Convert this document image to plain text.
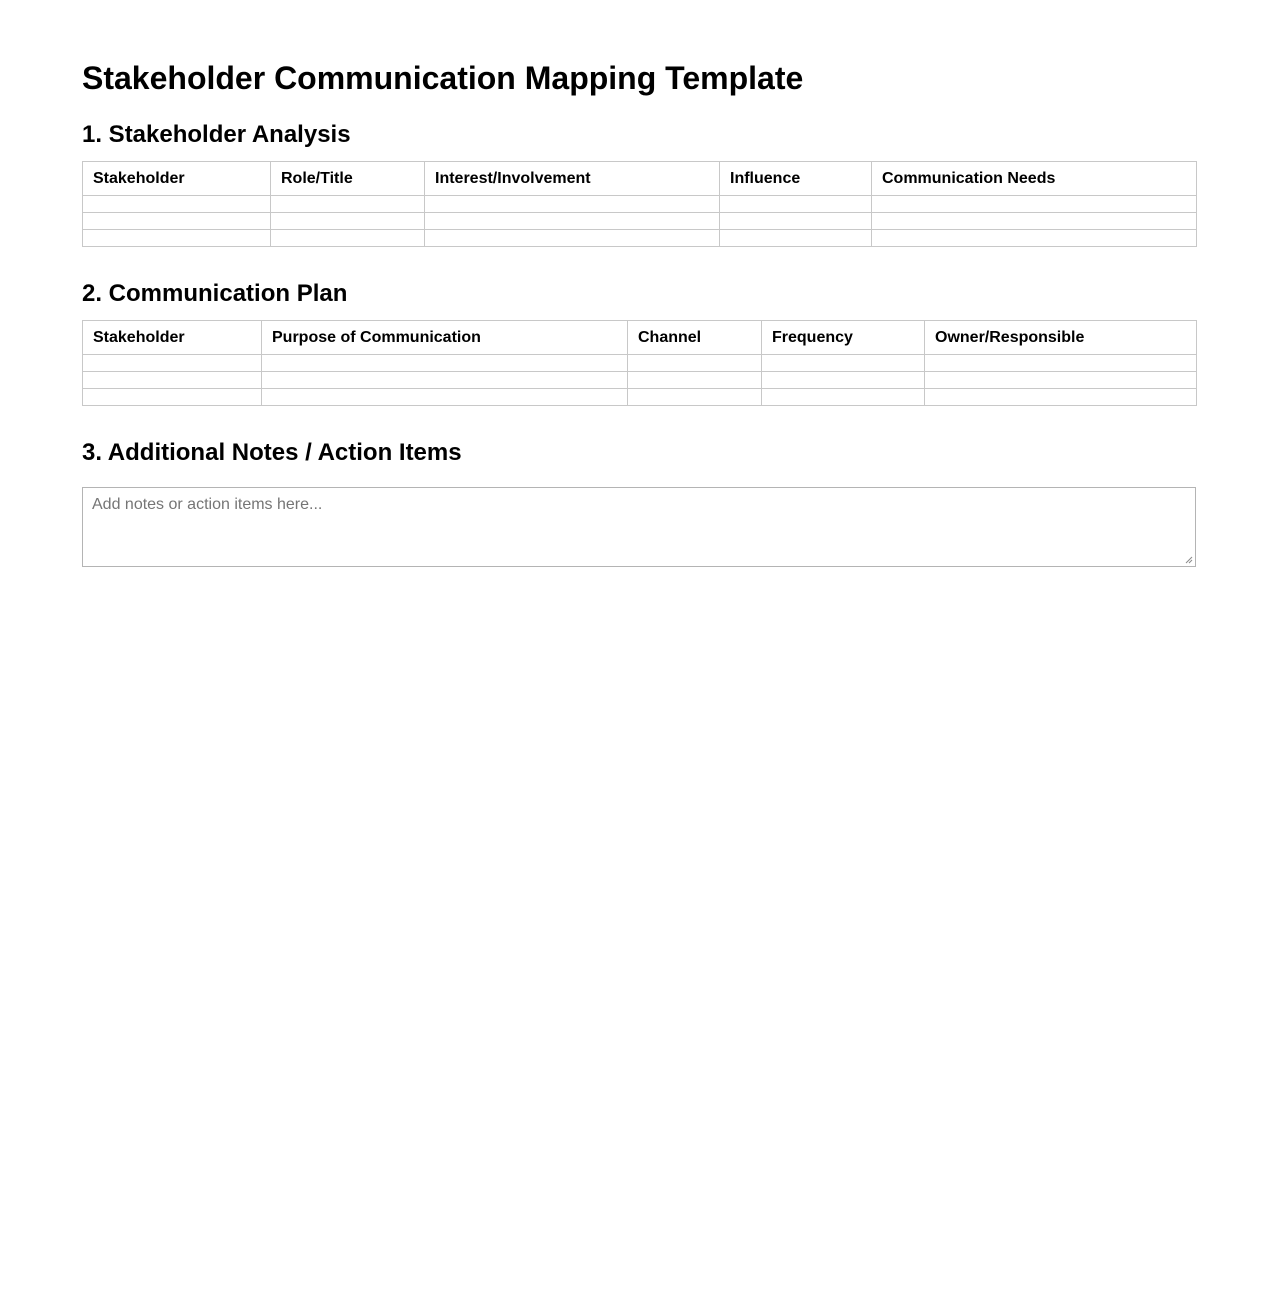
Stakeholder Communication Mapping Template
1. Stakeholder Analysis
Stakeholder	Role/Title	Interest/Involvement	Influence	Communication Needs

2. Communication Plan
Stakeholder	Purpose of Communication	Channel	Frequency	Owner/Responsible

3. Additional Notes / Action Items
Add notes or action items here...
